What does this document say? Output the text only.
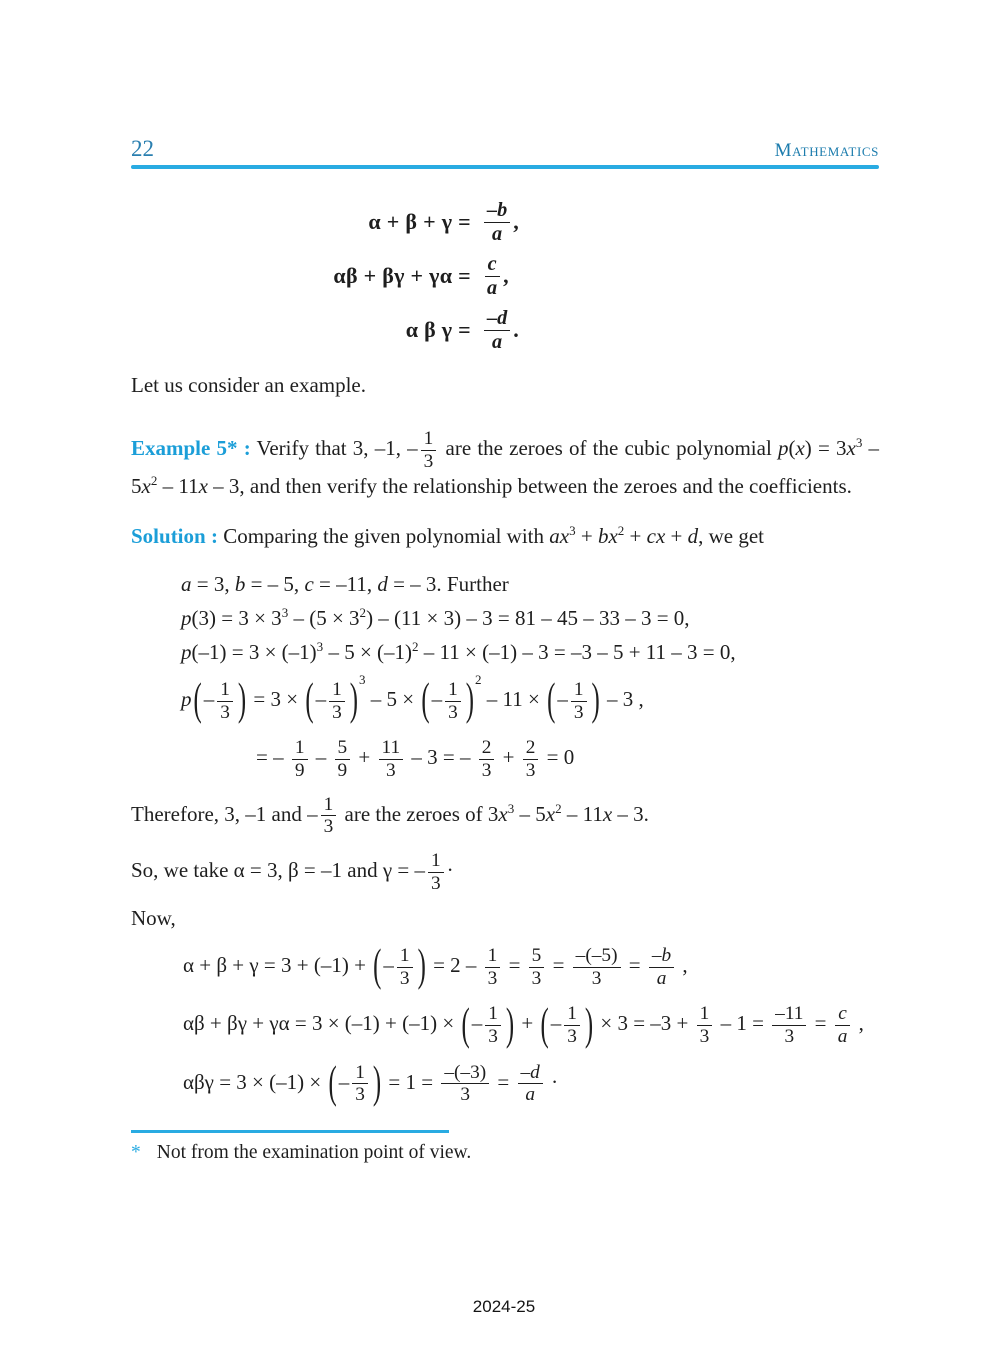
22	Mathematics
$\alpha + \beta + \gamma = \frac{-b}{a}$ ,
$\alpha\beta + \beta\gamma + \gamma\alpha = \frac{c}{a}$ ,
α β $\gamma = \frac{-d}{a}$ .

Let us consider an example.

Example 5* : Verify that 3, –1, – $\frac{1}{3}$ are the zeroes of the cubic polynomial $p(x) = 3x^3 - 5x^2 - 11x - 3$, and then verify the relationship between the zeroes and the coefficients.

Solution : Comparing the given polynomial with $ax^3 + bx^2$ + cx + d, we get

a = 3, b = – 5, c = –11, d = – 3. Further
$p(3) = 3 \times 3^3 - (5 \times 3^2) - (11 \times 3) - 3 = 81 - 45 - 33 - 3 = 0$,
$p(-1) = 3 \times (-1)^3 - 5 \times (-1)^2 - 11 \times (-1) - 3 = -3 - 5 + 11 - 3 = 0$,
$p(- \frac{1}{3}$ ) = 3 × (– $\frac{1}{3} )^3 - 5$ × (– $\frac{1}{3} )^2 - 11$ × (– $\frac{1}{3}$ ) – 3 ,
= – $\frac{1}{9} - \frac{5}{9} + \frac{11}{3} - 3$ = – $\frac{2}{3} + \frac{2}{3} = 0$
Therefore, 3, –1 and – $\frac{1}{3}$ are the zeroes of $3x^3 - 5x^2 - 11x - 3$.
So, we take α = 3, β = –1 and γ = – $\frac{1}{3}$ ·
Now,
α + β + γ = 3 + (–1) + (– $\frac{1}{3}$ ) = $2 - \frac{1}{3} = \frac{5}{3} = \frac{-(-5)}{3} = \frac{-b}{a}$ ,
αβ + βγ + γα = 3 × (–1) + (–1) × (– $\frac{1}{3}$ ) + (– $\frac{1}{3}$ ) × $3 = -3 + \frac{1}{3} - 1 = \frac{-11}{3} = \frac{c}{a}$ ,
αβγ = 3 × (–1) × (– $\frac{1}{3}$ ) = $1 = \frac{-(-3)}{3} = \frac{-d}{a}$ ·
* Not from the examination point of view.
2024-25
